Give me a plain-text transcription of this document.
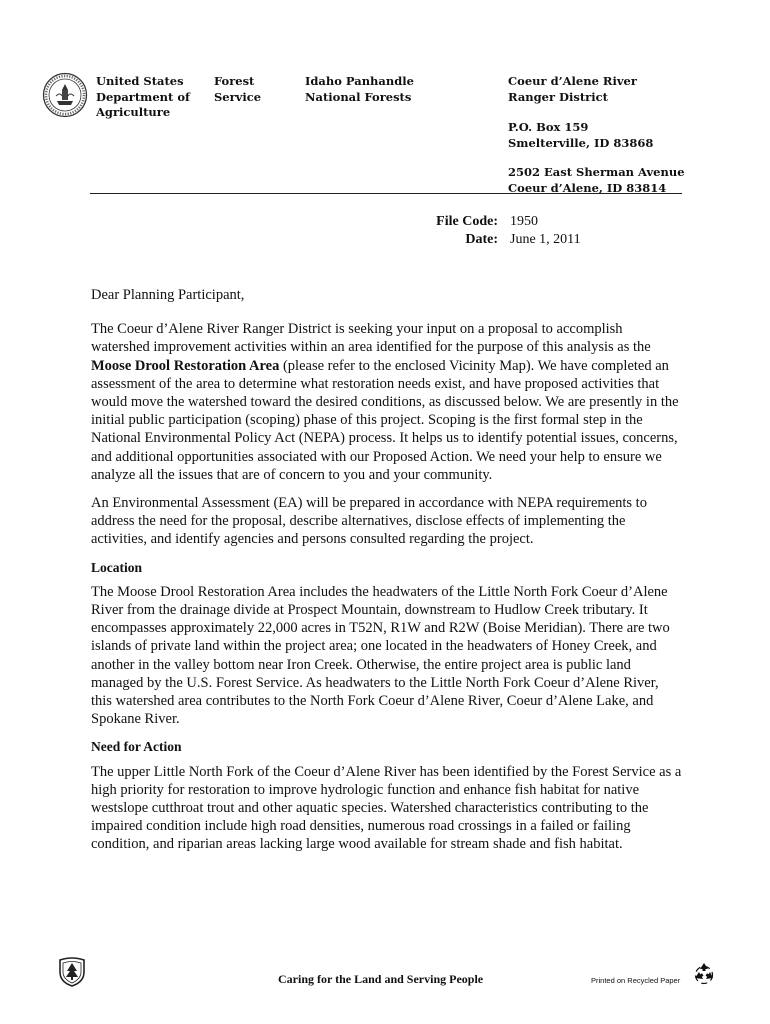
United States
Department of
Agriculture
Forest
Service
Idaho Panhandle
National Forests
Coeur d’Alene River
Ranger District
P.O. Box 159
Smelterville, ID 83868
2502 East Sherman Avenue
Coeur d’Alene, ID 83814
File Code:
Date:
1950
June 1, 2011

Dear Planning Participant,

The Coeur d’Alene River Ranger District is seeking your input on a proposal to accomplish watershed improvement activities within an area identified for the purpose of this analysis as the Moose Drool Restoration Area (please refer to the enclosed Vicinity Map). We have completed an assessment of the area to determine what restoration needs exist, and have proposed activities that would move the watershed toward the desired conditions, as discussed below. We are presently in the initial public participation (scoping) phase of this project. Scoping is the first formal step in the National Environmental Policy Act (NEPA) process. It helps us to identify potential issues, concerns, and additional opportunities associated with our Proposed Action. We need your help to ensure we analyze all the issues that are of concern to you and your community.

An Environmental Assessment (EA) will be prepared in accordance with NEPA requirements to address the need for the proposal, describe alternatives, disclose effects of implementing the activities, and identify agencies and persons consulted regarding the project.

Location

The Moose Drool Restoration Area includes the headwaters of the Little North Fork Coeur d’Alene River from the drainage divide at Prospect Mountain, downstream to Hudlow Creek tributary. It encompasses approximately 22,000 acres in T52N, R1W and R2W (Boise Meridian). There are two islands of private land within the project area; one located in the headwaters of Honey Creek, and another in the valley bottom near Iron Creek. Otherwise, the entire project area is public land managed by the U.S. Forest Service. As headwaters to the Little North Fork Coeur d’Alene River, this watershed area contributes to the North Fork Coeur d’Alene River, Coeur d’Alene Lake, and Spokane River.

Need for Action

The upper Little North Fork of the Coeur d’Alene River has been identified by the Forest Service as a high priority for restoration to improve hydrologic function and enhance fish habitat for native westslope cutthroat trout and other aquatic species. Watershed characteristics contributing to the impaired condition include high road densities, numerous road crossings in a failed or failing condition, and riparian areas lacking large wood available for stream shade and fish habitat.

Caring for the Land and Serving People	Printed on Recycled Paper
